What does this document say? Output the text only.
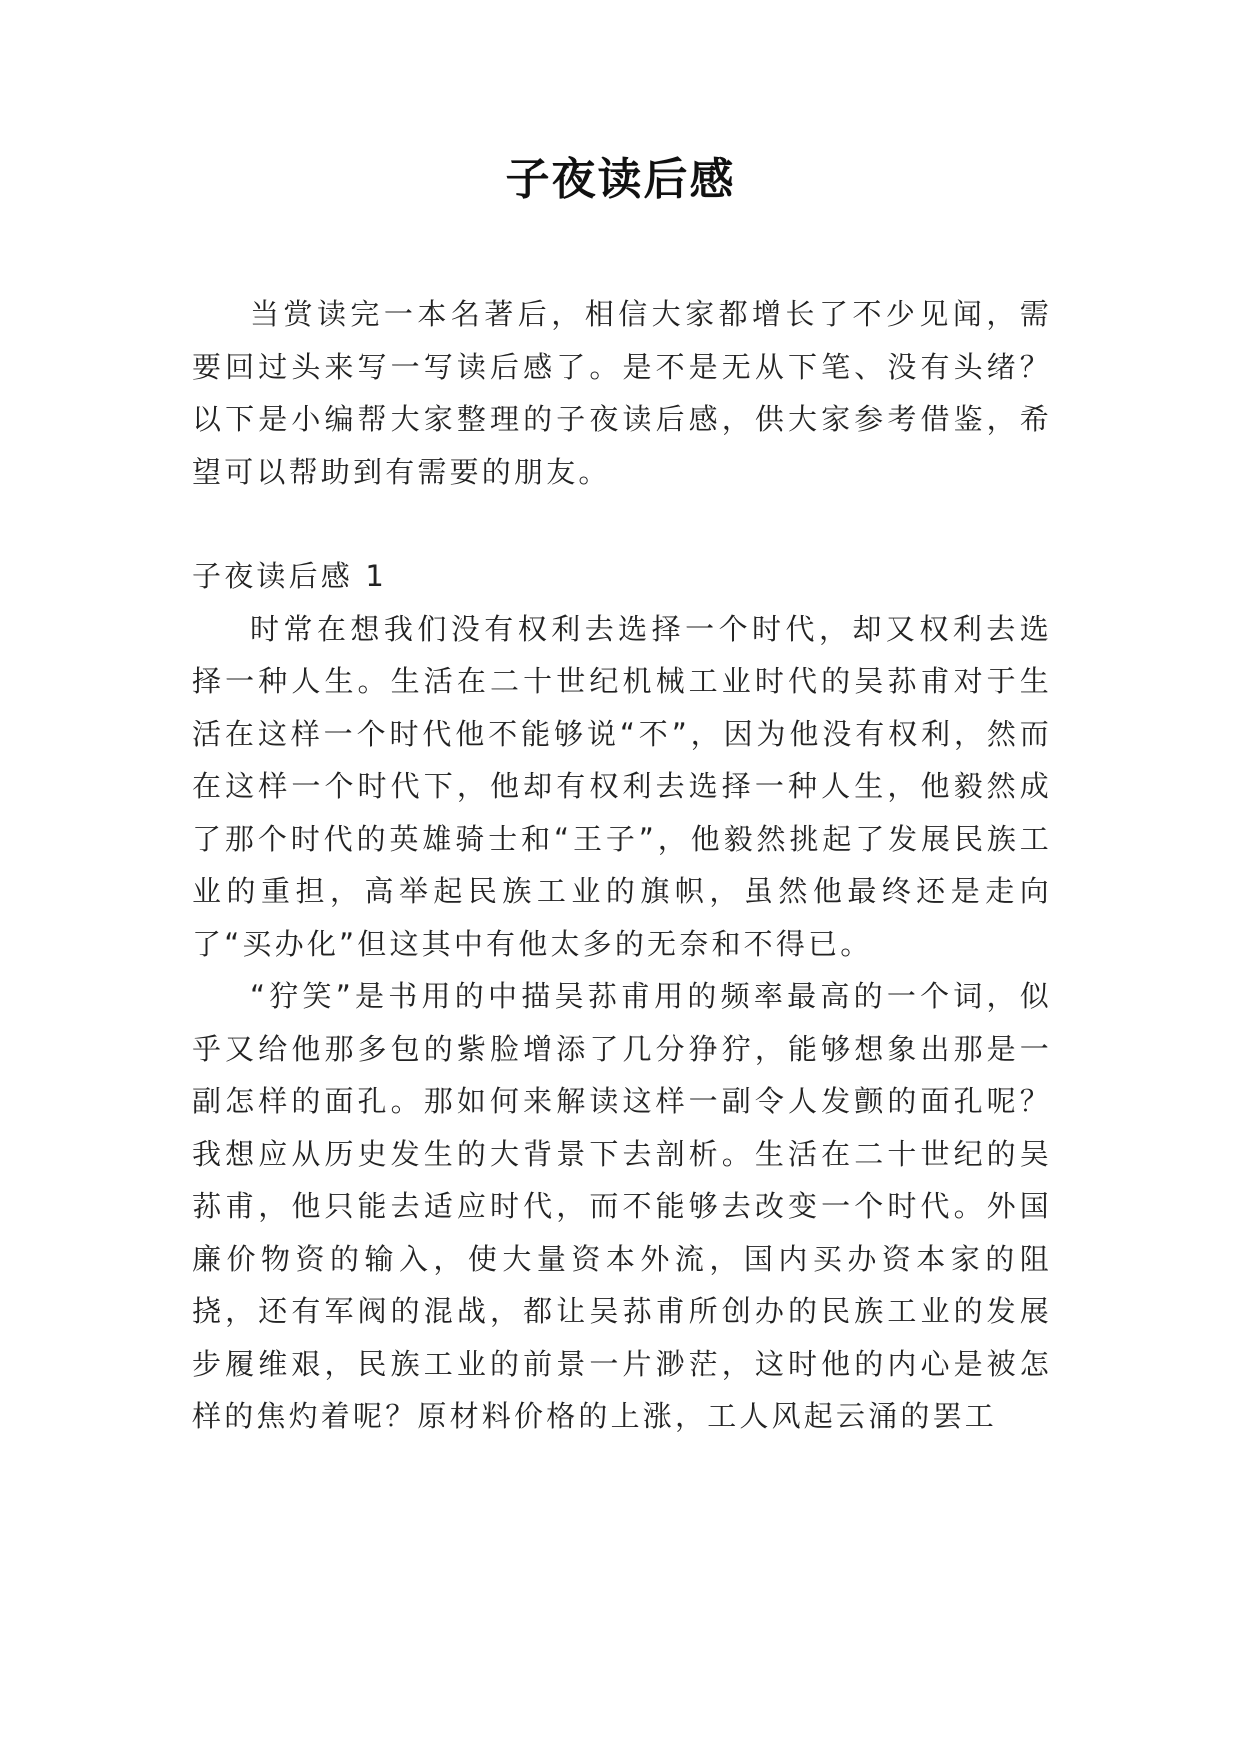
子夜读后感

当赏读完一本名著后，相信大家都增长了不少见闻，需要回过头来写一写读后感了。是不是无从下笔、没有头绪？以下是小编帮大家整理的子夜读后感，供大家参考借鉴，希望可以帮助到有需要的朋友。

子夜读后感 1

时常在想我们没有权利去选择一个时代，却又权利去选择一种人生。生活在二十世纪机械工业时代的吴荪甫对于生活在这样一个时代他不能够说“不”，因为他没有权利，然而在这样一个时代下，他却有权利去选择一种人生，他毅然成了那个时代的英雄骑士和“王子”，他毅然挑起了发展民族工业的重担，高举起民族工业的旗帜，虽然他最终还是走向了“买办化”但这其中有他太多的无奈和不得已。

“狞笑”是书用的中描吴荪甫用的频率最高的一个词，似乎又给他那多包的紫脸增添了几分狰狞，能够想象出那是一副怎样的面孔。那如何来解读这样一副令人发颤的面孔呢？我想应从历史发生的大背景下去剖析。生活在二十世纪的吴荪甫，他只能去适应时代，而不能够去改变一个时代。外国廉价物资的输入，使大量资本外流，国内买办资本家的阻挠，还有军阀的混战，都让吴荪甫所创办的民族工业的发展步履维艰，民族工业的前景一片渺茫，这时他的内心是被怎样的焦灼着呢？原材料价格的上涨，工人风起云涌的罢工
